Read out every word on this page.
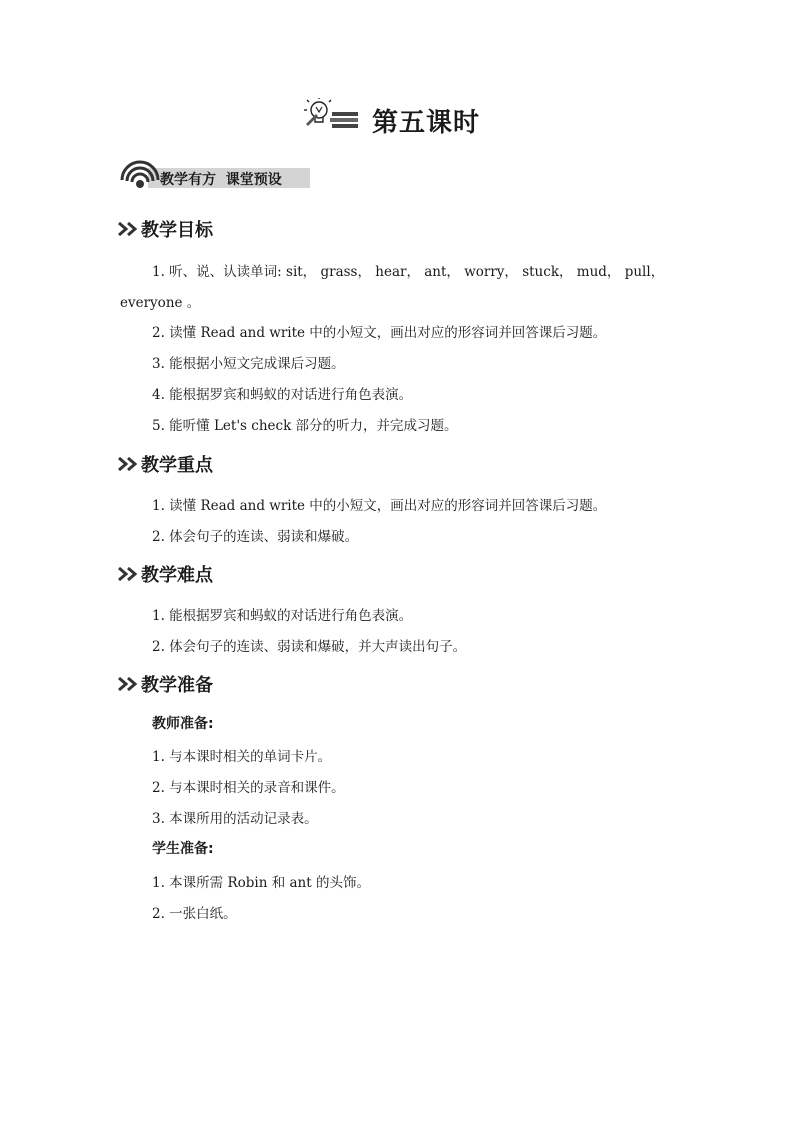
第五课时
教学有方  课堂预设
教学目标
1. 听、说、认读单词: sit， grass， hear， ant， worry， stuck， mud， pull，
everyone 。
2. 读懂 Read and write 中的小短文，画出对应的形容词并回答课后习题。
3. 能根据小短文完成课后习题。
4. 能根据罗宾和蚂蚁的对话进行角色表演。
5. 能听懂 Let's check 部分的听力，并完成习题。
教学重点
1. 读懂 Read and write 中的小短文，画出对应的形容词并回答课后习题。
2. 体会句子的连读、弱读和爆破。
教学难点
1. 能根据罗宾和蚂蚁的对话进行角色表演。
2. 体会句子的连读、弱读和爆破，并大声读出句子。
教学准备
教师准备:
1. 与本课时相关的单词卡片。
2. 与本课时相关的录音和课件。
3. 本课所用的活动记录表。
学生准备:
1. 本课所需 Robin 和 ant 的头饰。
2. 一张白纸。
